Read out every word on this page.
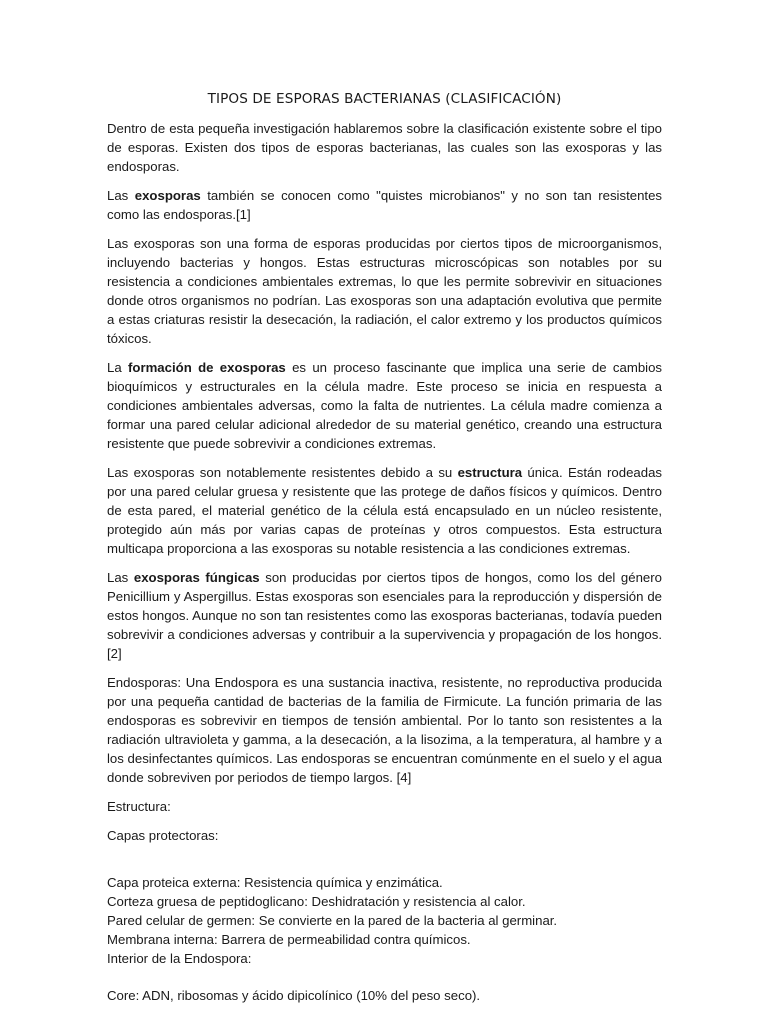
TIPOS DE ESPORAS BACTERIANAS (CLASIFICACIÓN)

Dentro de esta pequeña investigación hablaremos sobre la clasificación existente sobre el tipo de esporas. Existen dos tipos de esporas bacterianas, las cuales son las exosporas y las endosporas.

Las exosporas también se conocen como "quistes microbianos" y no son tan resistentes como las endosporas.[1]

Las exosporas son una forma de esporas producidas por ciertos tipos de microorganismos, incluyendo bacterias y hongos. Estas estructuras microscópicas son notables por su resistencia a condiciones ambientales extremas, lo que les permite sobrevivir en situaciones donde otros organismos no podrían. Las exosporas son una adaptación evolutiva que permite a estas criaturas resistir la desecación, la radiación, el calor extremo y los productos químicos tóxicos.

La formación de exosporas es un proceso fascinante que implica una serie de cambios bioquímicos y estructurales en la célula madre. Este proceso se inicia en respuesta a condiciones ambientales adversas, como la falta de nutrientes. La célula madre comienza a formar una pared celular adicional alrededor de su material genético, creando una estructura resistente que puede sobrevivir a condiciones extremas.

Las exosporas son notablemente resistentes debido a su estructura única. Están rodeadas por una pared celular gruesa y resistente que las protege de daños físicos y químicos. Dentro de esta pared, el material genético de la célula está encapsulado en un núcleo resistente, protegido aún más por varias capas de proteínas y otros compuestos. Esta estructura multicapa proporciona a las exosporas su notable resistencia a las condiciones extremas.

Las exosporas fúngicas son producidas por ciertos tipos de hongos, como los del género Penicillium y Aspergillus. Estas exosporas son esenciales para la reproducción y dispersión de estos hongos. Aunque no son tan resistentes como las exosporas bacterianas, todavía pueden sobrevivir a condiciones adversas y contribuir a la supervivencia y propagación de los hongos. [2]

Endosporas: Una Endospora es una sustancia inactiva, resistente, no reproductiva producida por una pequeña cantidad de bacterias de la familia de Firmicute. La función primaria de las endosporas es sobrevivir en tiempos de tensión ambiental. Por lo tanto son resistentes a la radiación ultravioleta y gamma, a la desecación, a la lisozima, a la temperatura, al hambre y a los desinfectantes químicos. Las endosporas se encuentran comúnmente en el suelo y el agua donde sobreviven por periodos de tiempo largos. [4]

Estructura:

Capas protectoras:

Capa proteica externa: Resistencia química y enzimática.
Corteza gruesa de peptidoglicano: Deshidratación y resistencia al calor.
Pared celular de germen: Se convierte en la pared de la bacteria al germinar.
Membrana interna: Barrera de permeabilidad contra químicos.
Interior de la Endospora:
Core: ADN, ribosomas y ácido dipicolínico (10% del peso seco).
